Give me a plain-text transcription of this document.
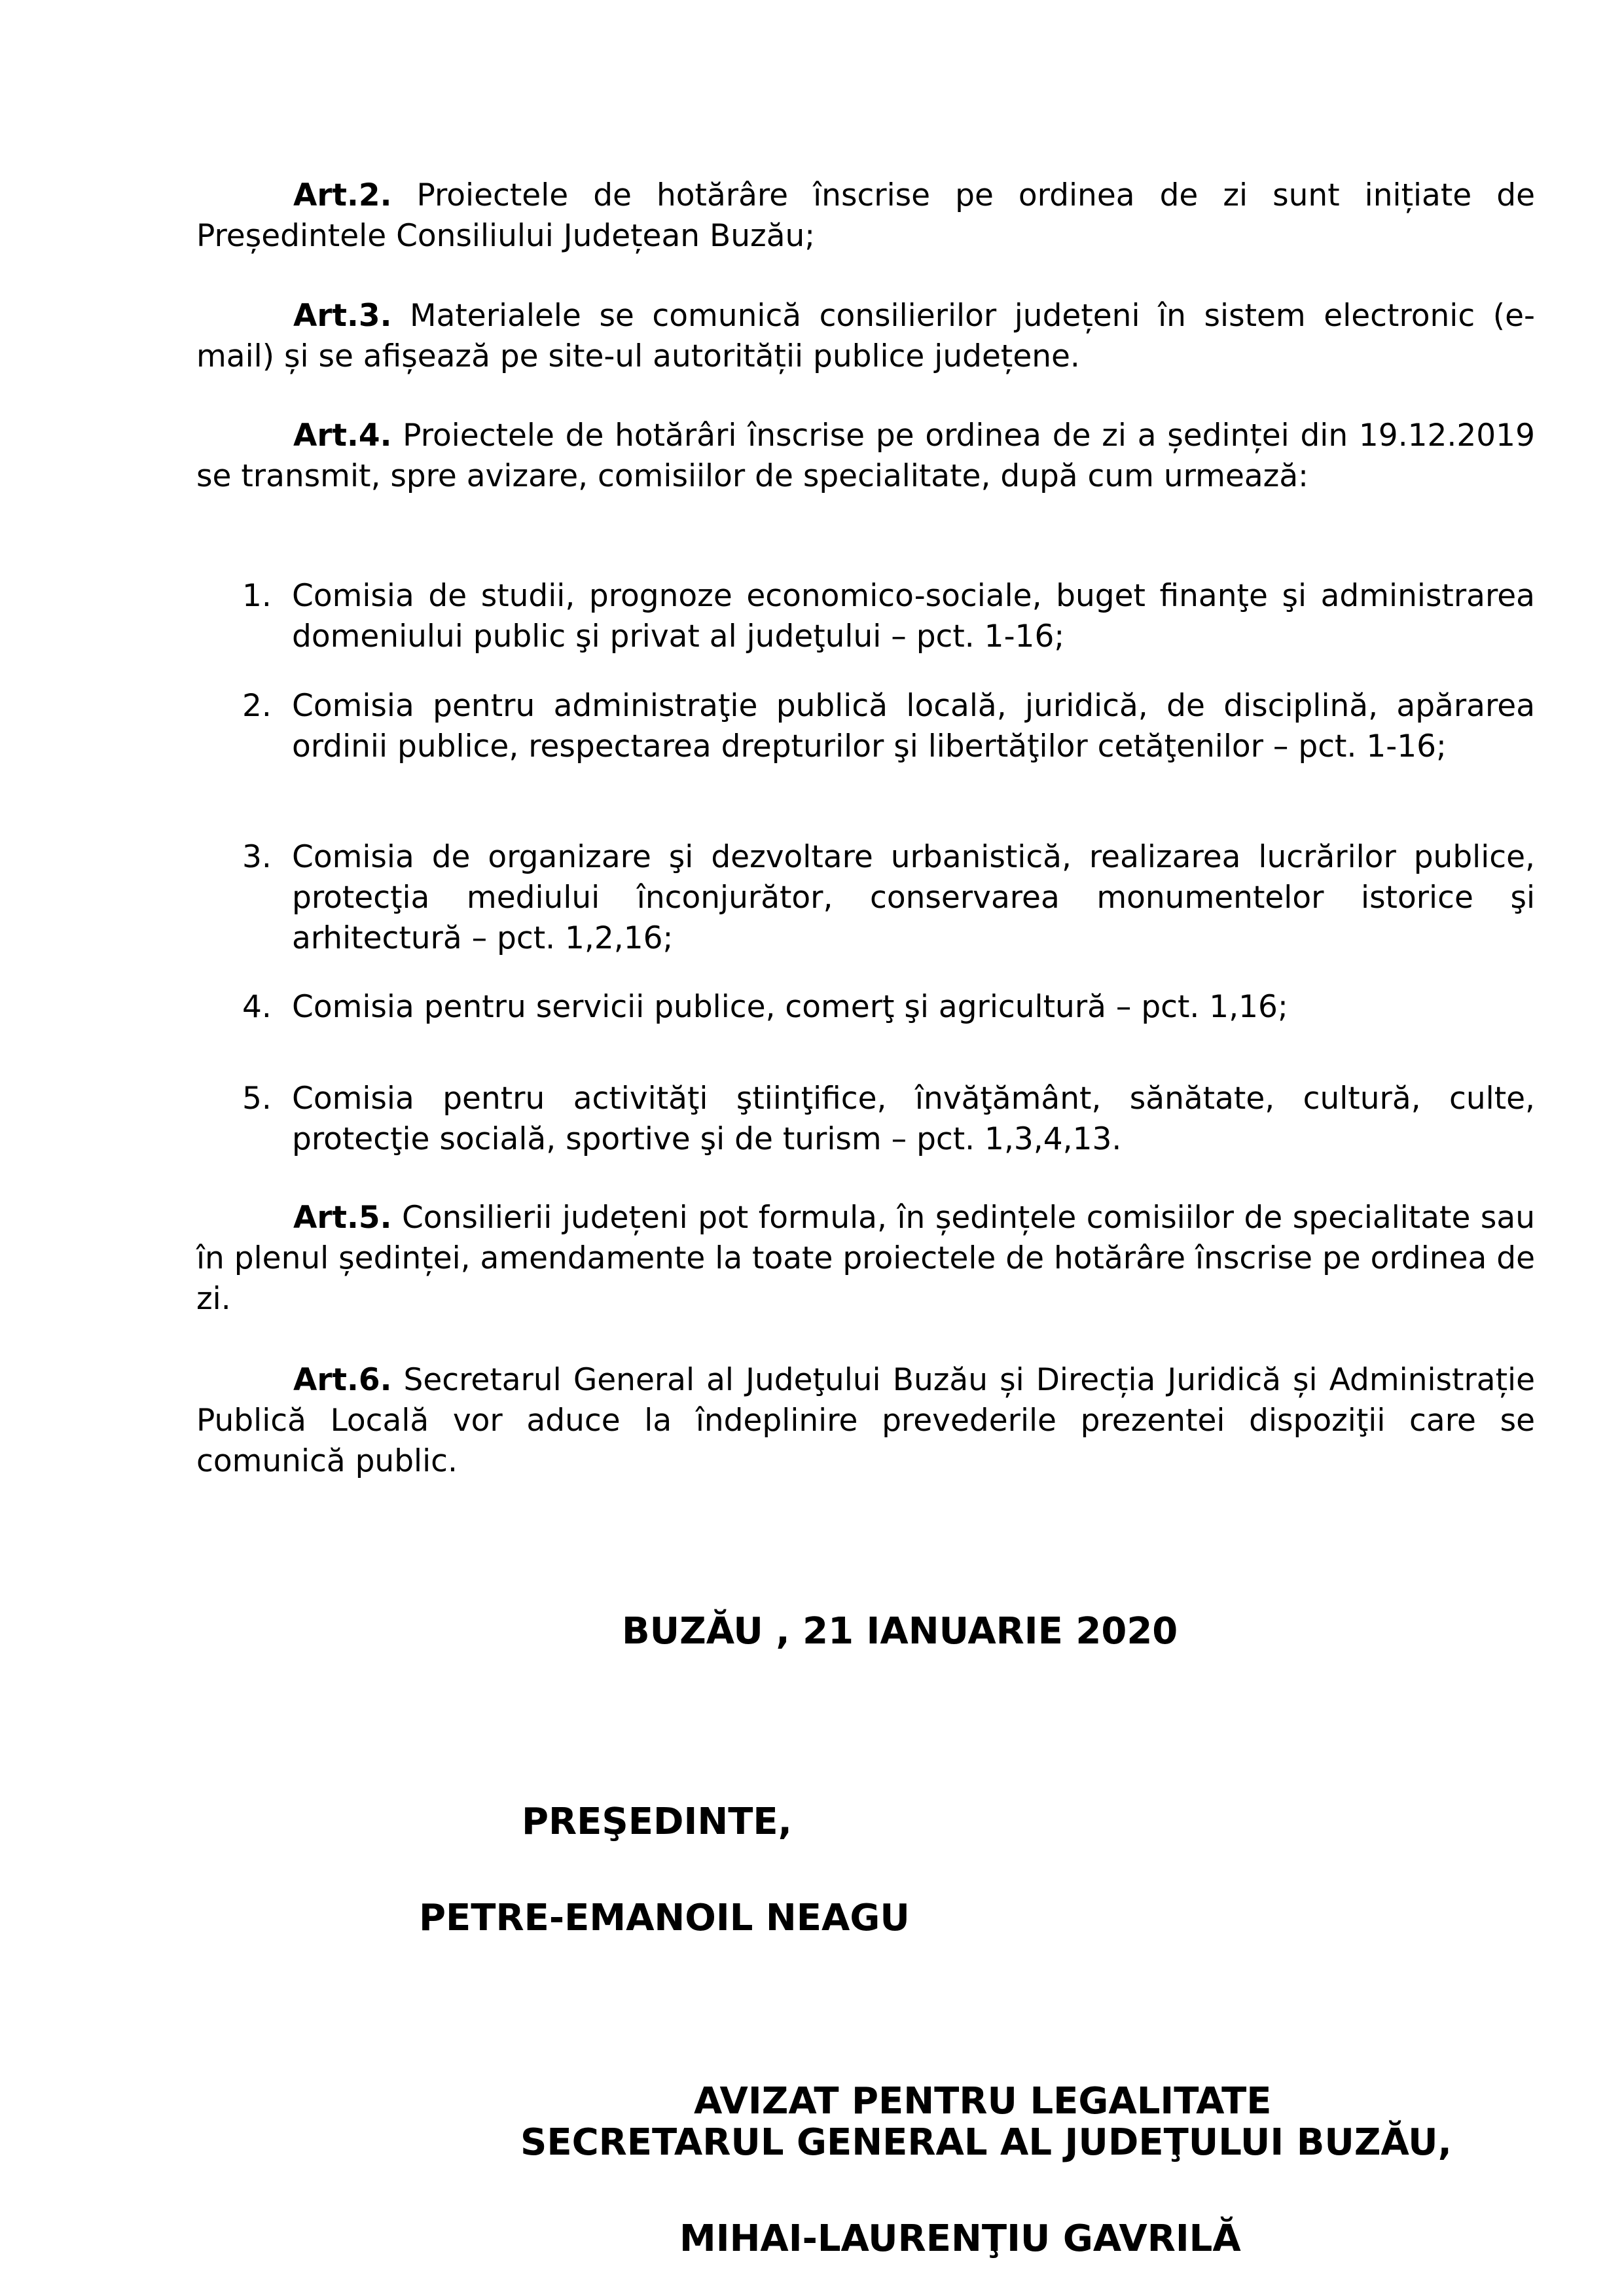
Art.2. Proiectele de hotărâre înscrise pe ordinea de zi sunt inițiate de Președintele Consiliului Județean Buzău;

Art.3. Materialele se comunică consilierilor județeni în sistem electronic (e-mail) și se afișează pe site-ul autorității publice județene.

Art.4. Proiectele de hotărâri înscrise pe ordinea de zi a ședinței din 19.12.2019 se transmit, spre avizare, comisiilor de specialitate, după cum urmează:

1. Comisia de studii, prognoze economico-sociale, buget finanţe şi administrarea domeniului public şi privat al judeţului – pct. 1-16;
2. Comisia pentru administraţie publică locală, juridică, de disciplină, apărarea ordinii publice, respectarea drepturilor şi libertăţilor cetăţenilor – pct. 1-16;
3. Comisia de organizare şi dezvoltare urbanistică, realizarea lucrărilor publice, protecţia mediului înconjurător, conservarea monumentelor istorice şi arhitectură – pct. 1,2,16;
4. Comisia pentru servicii publice, comerţ şi agricultură – pct. 1,16;
5. Comisia pentru activităţi ştiinţifice, învăţământ, sănătate, cultură, culte, protecţie socială, sportive şi de turism – pct. 1,3,4,13.

Art.5. Consilierii județeni pot formula, în ședințele comisiilor de specialitate sau în plenul ședinței, amendamente la toate proiectele de hotărâre înscrise pe ordinea de zi.

Art.6. Secretarul General al Judeţului Buzău și Direcția Juridică și Administrație Publică Locală vor aduce la îndeplinire prevederile prezentei dispoziţii care se comunică public.

BUZĂU , 21 IANUARIE 2020
PREŞEDINTE,
PETRE-EMANOIL NEAGU
AVIZAT PENTRU LEGALITATE
SECRETARUL GENERAL AL JUDEŢULUI BUZĂU,
MIHAI-LAURENŢIU GAVRILĂ
